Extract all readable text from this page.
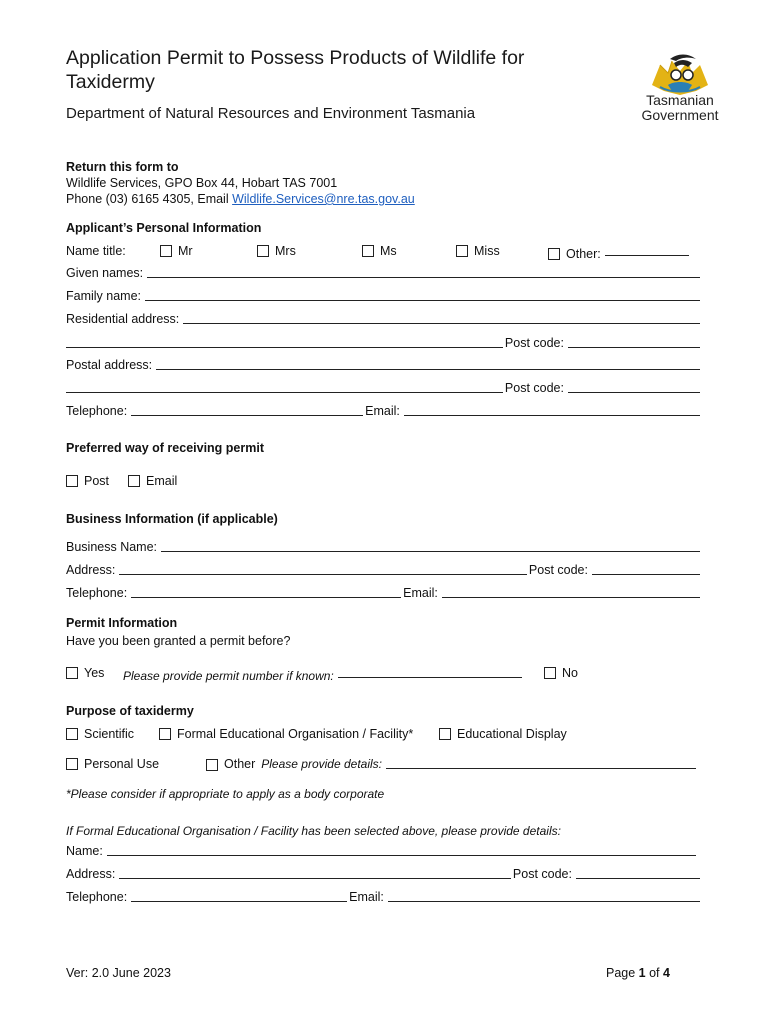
Application Permit to Possess Products of Wildlife for Taxidermy
Department of Natural Resources and Environment Tasmania
Tasmanian
Government
Return this form to
Wildlife Services, GPO Box 44, Hobart TAS 7001
Phone (03) 6165 4305, Email Wildlife.Services@nre.tas.gov.au
Applicant’s Personal Information
Name title:	Mr	Mrs	Ms	Miss	Other:
Given names:
Family name:
Residential address:
Post code:
Postal address:
Post code:
Telephone:	Email:
Preferred way of receiving permit
Post	Email
Business Information (if applicable)
Business Name:
Address:	Post code:
Telephone:	Email:
Permit Information
Have you been granted a permit before?
Yes Please provide permit number if known:	No
Purpose of taxidermy
Scientific	Formal Educational Organisation / Facility*	Educational Display
Personal Use	Other Please provide details:
*Please consider if appropriate to apply as a body corporate
If Formal Educational Organisation / Facility has been selected above, please provide details:
Name:
Address:	Post code:
Telephone:	Email:
Ver: 2.0 June 2023	Page 1 of 4
